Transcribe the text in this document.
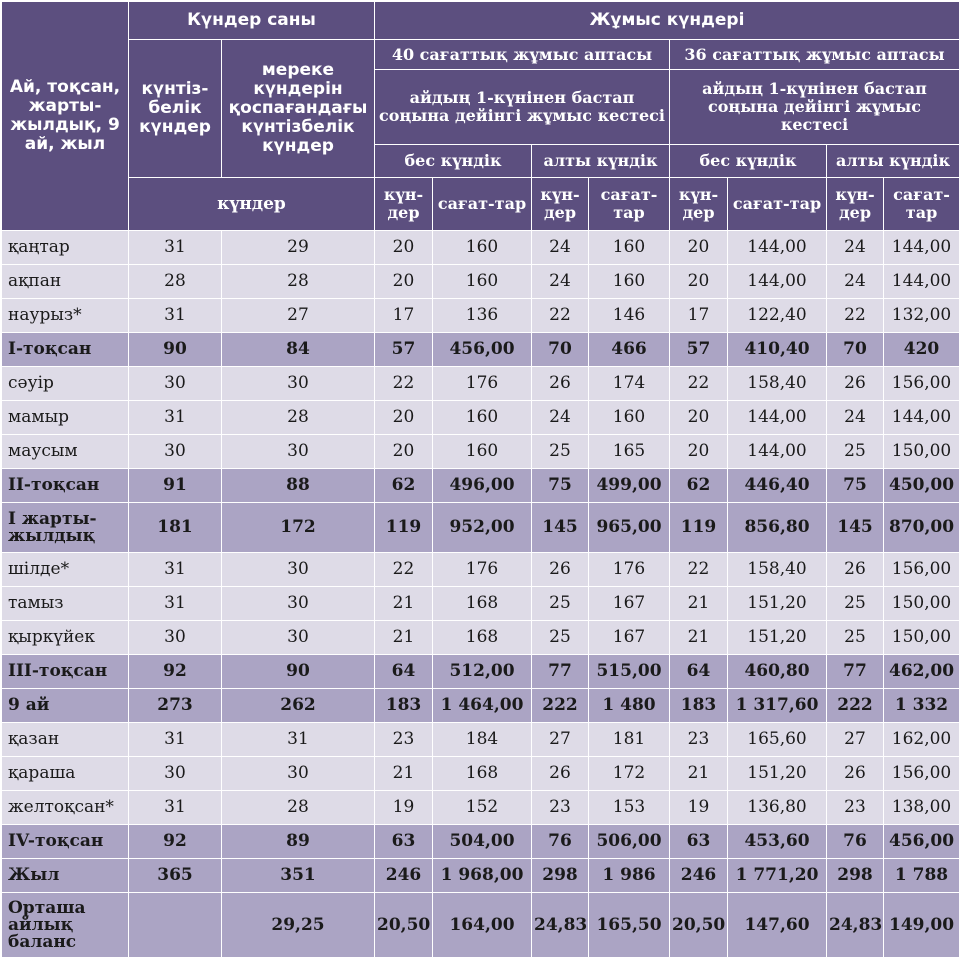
Ай, тоқсан, жарты-жылдық, 9 ай, жыл	Күндер саны		Жұмыс күндері							
	күнтіз-белік күндер	мереке күндерін қоспағандағы күнтізбелік күндер	40 сағаттық жұмыс аптасы				36 сағаттық жұмыс аптасы			
			айдың 1-күнінен бастап соңына дейінгі жұмыс кестесі				айдың 1-күнінен бастап соңына дейінгі жұмыс кестесі			
			бес күндік		алты күндік		бес күндік		алты күндік	
	күндер		күн-дер	сағат-тар	күн-дер	сағат-тар	күн-дер	сағат-тар	күн-дер	сағат-тар
қаңтар	31	29	20	160	24	160	20	144,00	24	144,00
ақпан	28	28	20	160	24	160	20	144,00	24	144,00
наурыз*	31	27	17	136	22	146	17	122,40	22	132,00
I-тоқсан	90	84	57	456,00	70	466	57	410,40	70	420
сәуір	30	30	22	176	26	174	22	158,40	26	156,00
мамыр	31	28	20	160	24	160	20	144,00	24	144,00
маусым	30	30	20	160	25	165	20	144,00	25	150,00
II-тоқсан	91	88	62	496,00	75	499,00	62	446,40	75	450,00
I жарты-жылдық	181	172	119	952,00	145	965,00	119	856,80	145	870,00
шілде*	31	30	22	176	26	176	22	158,40	26	156,00
тамыз	31	30	21	168	25	167	21	151,20	25	150,00
қыркүйек	30	30	21	168	25	167	21	151,20	25	150,00
III-тоқсан	92	90	64	512,00	77	515,00	64	460,80	77	462,00
9 ай	273	262	183	1 464,00	222	1 480	183	1 317,60	222	1 332
қазан	31	31	23	184	27	181	23	165,60	27	162,00
қараша	30	30	21	168	26	172	21	151,20	26	156,00
желтоқсан*	31	28	19	152	23	153	19	136,80	23	138,00
IV-тоқсан	92	89	63	504,00	76	506,00	63	453,60	76	456,00
Жыл	365	351	246	1 968,00	298	1 986	246	1 771,20	298	1 788
Орташа айлық баланс		29,25	20,50	164,00	24,83	165,50	20,50	147,60	24,83	149,00
